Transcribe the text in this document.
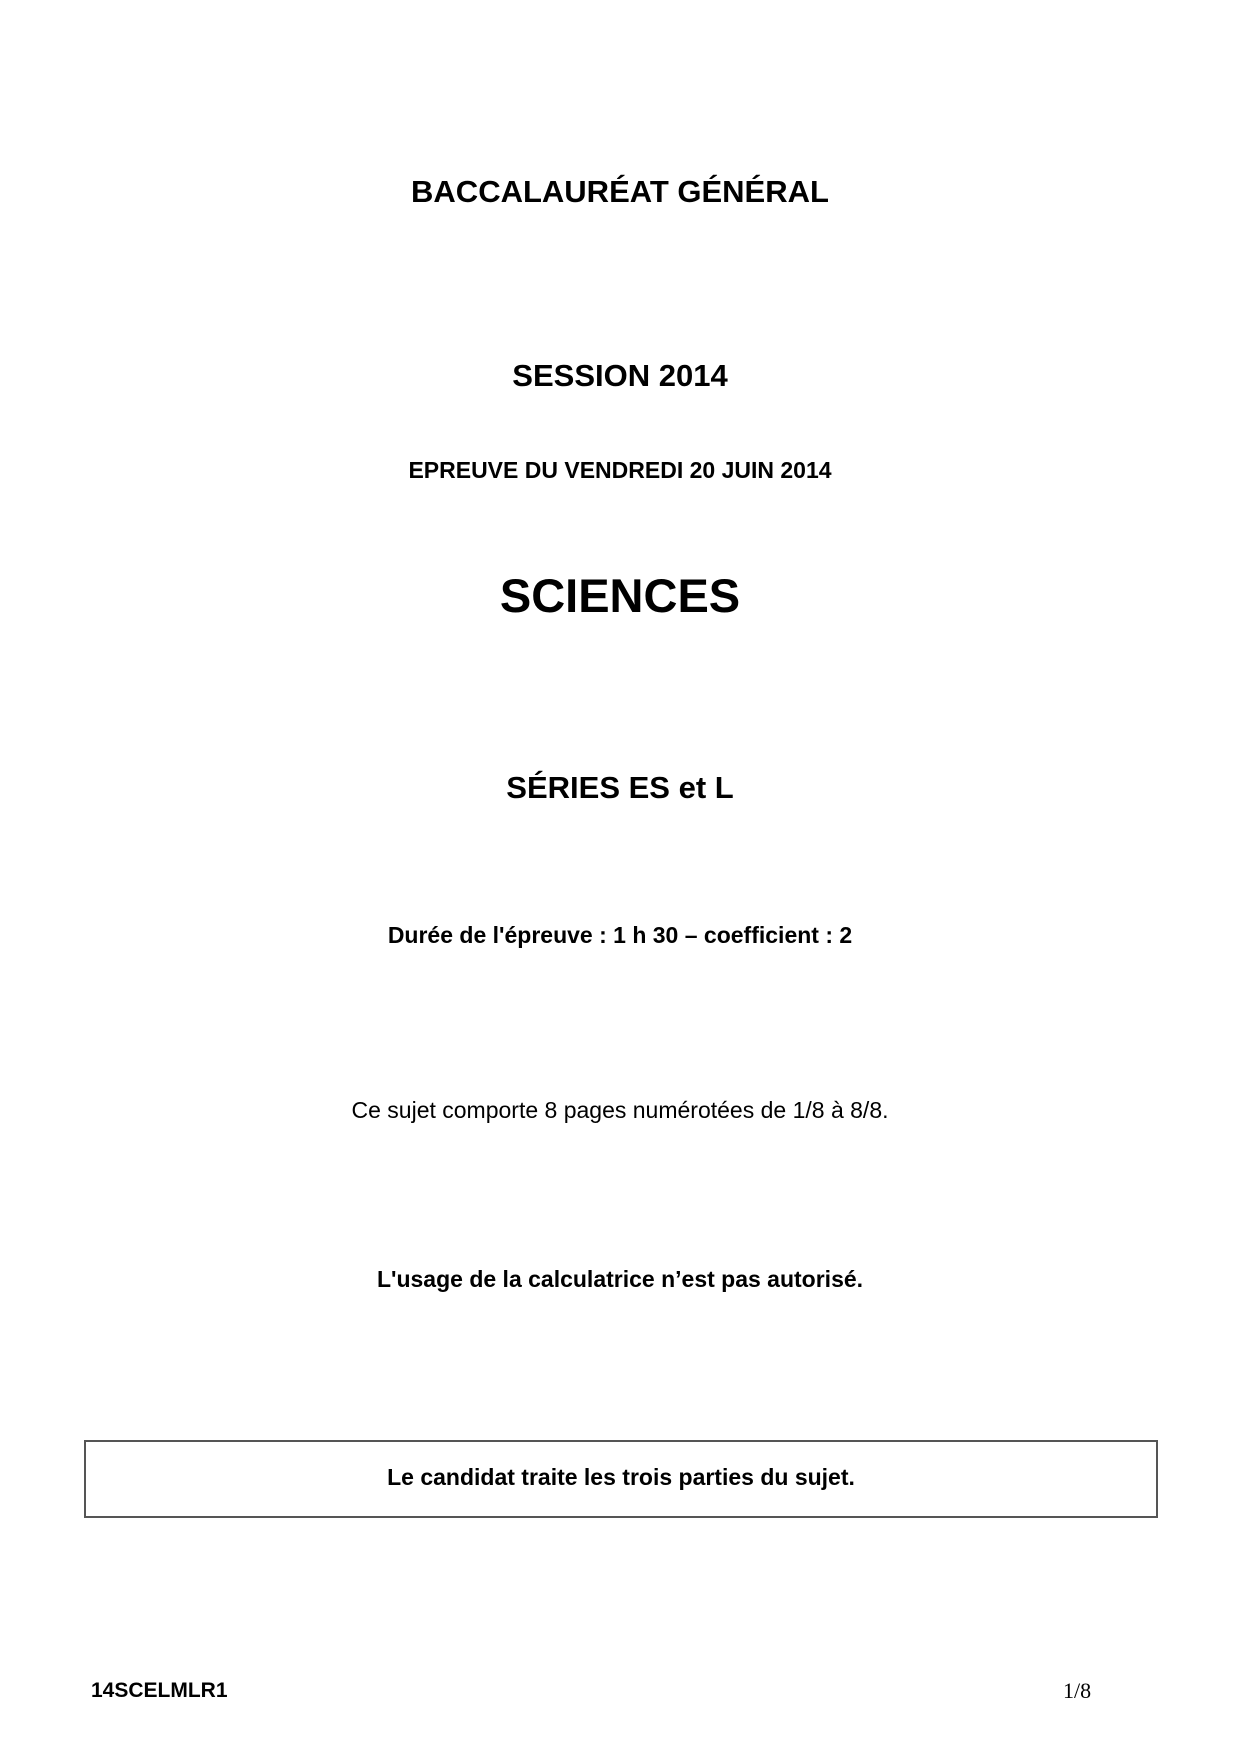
BACCALAURÉAT GÉNÉRAL
SESSION 2014
EPREUVE DU VENDREDI 20 JUIN 2014
SCIENCES
SÉRIES ES et L
Durée de l'épreuve : 1 h 30 – coefficient : 2
Ce sujet comporte 8 pages numérotées de 1/8 à 8/8.
L'usage de la calculatrice n’est pas autorisé.
Le candidat traite les trois parties du sujet.
14SCELMLR1	1/8
